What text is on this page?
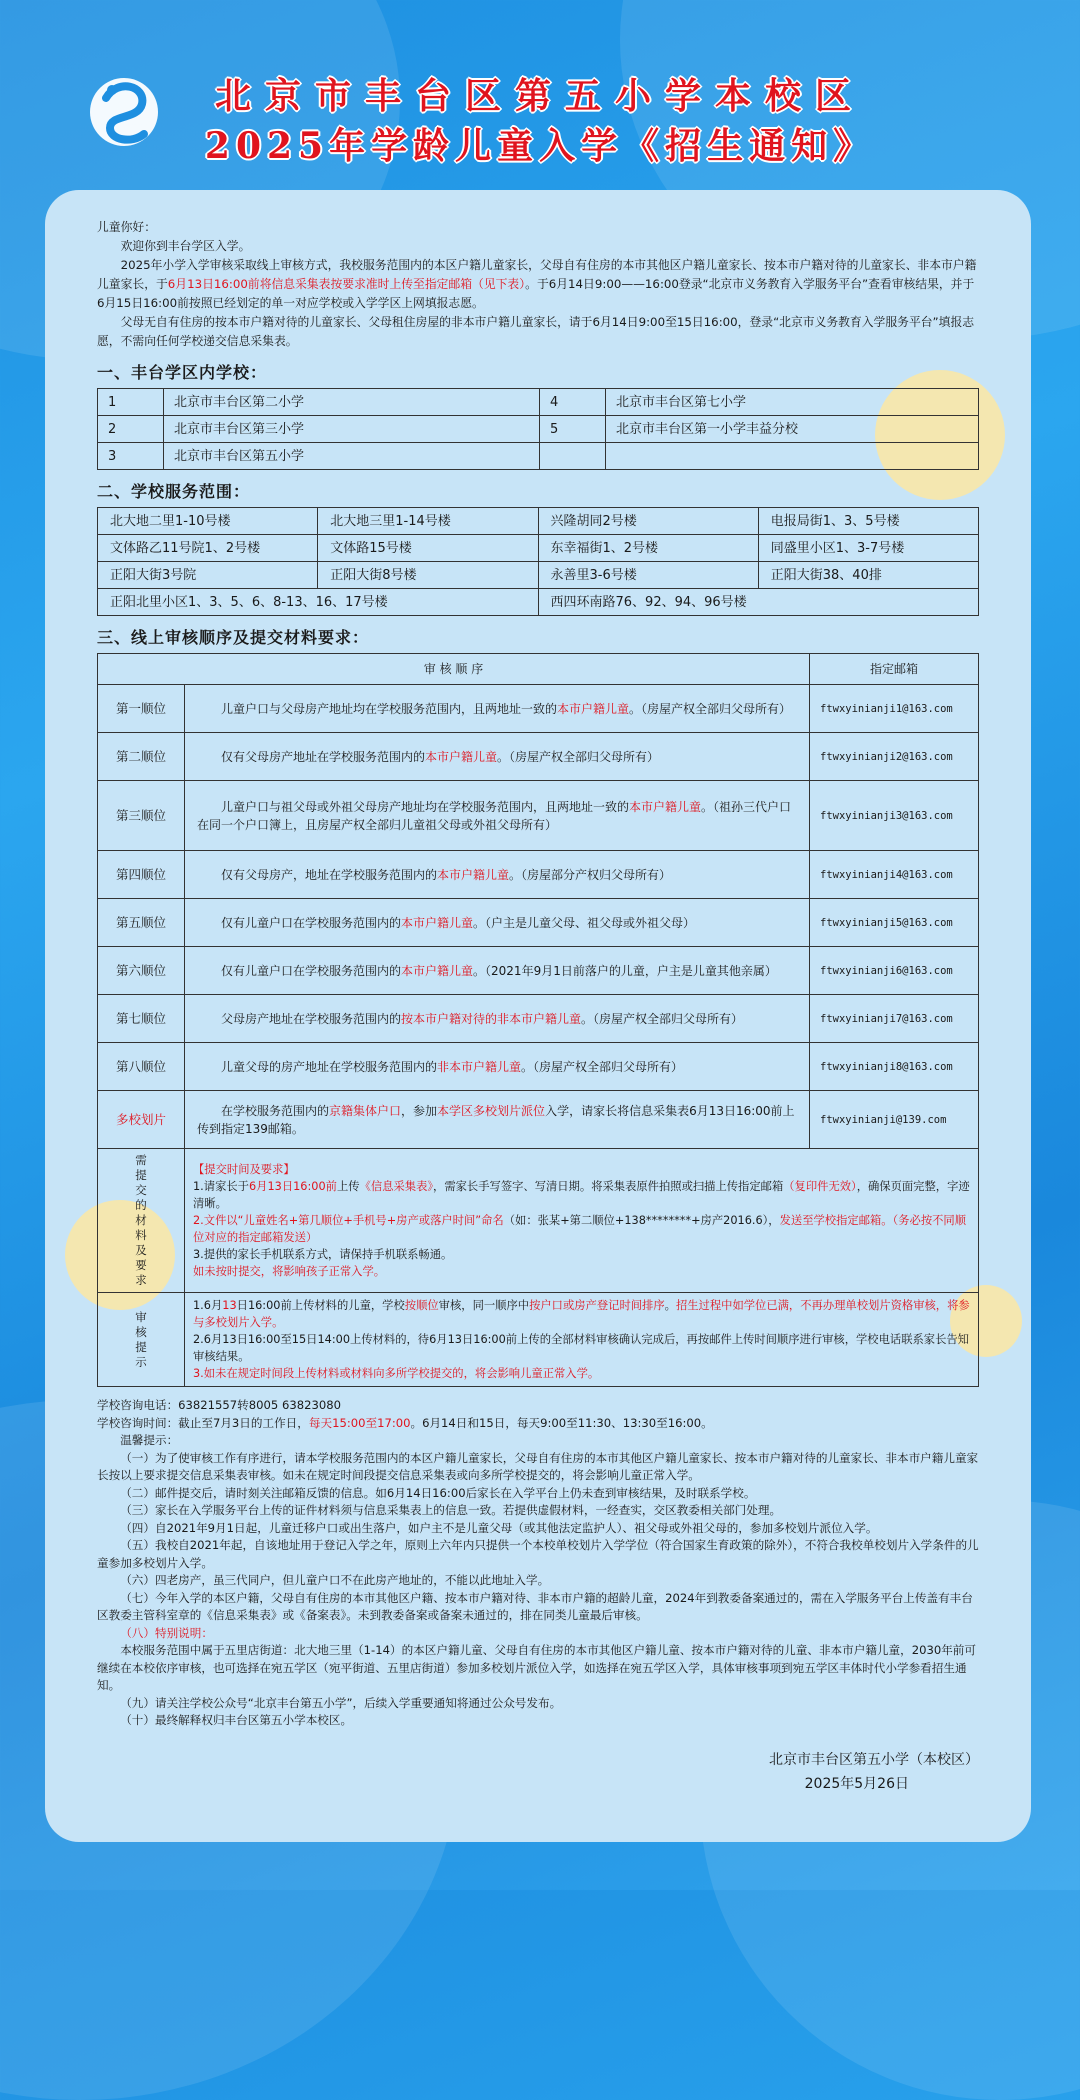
北京市丰台区第五小学本校区
2025年学龄儿童入学《招生通知》

儿童你好：

欢迎你到丰台学区入学。

2025年小学入学审核采取线上审核方式，我校服务范围内的本区户籍儿童家长，父母自有住房的本市其他区户籍儿童家长、按本市户籍对待的儿童家长、非本市户籍儿童家长，于6月13日16:00前将信息采集表按要求准时上传至指定邮箱（见下表）。于6月14日9:00——16:00登录“北京市义务教育入学服务平台”查看审核结果，并于6月15日16:00前按照已经划定的单一对应学校或入学学区上网填报志愿。

父母无自有住房的按本市户籍对待的儿童家长、父母租住房屋的非本市户籍儿童家长，请于6月14日9:00至15日16:00，登录“北京市义务教育入学服务平台”填报志愿，不需向任何学校递交信息采集表。

一、丰台学区内学校：
1	北京市丰台区第二小学	4	北京市丰台区第七小学
2	北京市丰台区第三小学	5	北京市丰台区第一小学丰益分校
3	北京市丰台区第五小学		
二、学校服务范围：
北大地二里1-10号楼	北大地三里1-14号楼	兴隆胡同2号楼	电报局街1、3、5号楼
文体路乙11号院1、2号楼	文体路15号楼	东幸福街1、2号楼	同盛里小区1、3-7号楼
正阳大街3号院	正阳大街8号楼	永善里3-6号楼	正阳大街38、40排
正阳北里小区1、3、5、6、8-13、16、17号楼		西四环南路76、92、94、96号楼	
三、线上审核顺序及提交材料要求：
审 核 顺 序		指定邮箱
第一顺位	儿童户口与父母房产地址均在学校服务范围内，且两地址一致的本市户籍儿童。（房屋产权全部归父母所有）	ftwxyinianji1@163.com
第二顺位	仅有父母房产地址在学校服务范围内的本市户籍儿童。（房屋产权全部归父母所有）	ftwxyinianji2@163.com
第三顺位	儿童户口与祖父母或外祖父母房产地址均在学校服务范围内，且两地址一致的本市户籍儿童。（祖孙三代户口在同一个户口簿上，且房屋产权全部归儿童祖父母或外祖父母所有）	ftwxyinianji3@163.com
第四顺位	仅有父母房产，地址在学校服务范围内的本市户籍儿童。（房屋部分产权归父母所有）	ftwxyinianji4@163.com
第五顺位	仅有儿童户口在学校服务范围内的本市户籍儿童。（户主是儿童父母、祖父母或外祖父母）	ftwxyinianji5@163.com
第六顺位	仅有儿童户口在学校服务范围内的本市户籍儿童。（2021年9月1日前落户的儿童，户主是儿童其他亲属）	ftwxyinianji6@163.com
第七顺位	父母房产地址在学校服务范围内的按本市户籍对待的非本市户籍儿童。（房屋产权全部归父母所有）	ftwxyinianji7@163.com
第八顺位	儿童父母的房产地址在学校服务范围内的非本市户籍儿童。（房屋产权全部归父母所有）	ftwxyinianji8@163.com
多校划片	在学校服务范围内的京籍集体户口，参加本学区多校划片派位入学，请家长将信息采集表6月13日16:00前上传到指定139邮箱。	ftwxyinianji@139.com

需提交的材料及要求	【提交时间及要求】
1.请家长于6月13日16:00前上传《信息采集表》，需家长手写签字、写清日期。将采集表原件拍照或扫描上传指定邮箱（复印件无效），确保页面完整，字迹清晰。
2.文件以“儿童姓名+第几顺位+手机号+房产或落户时间”命名（如：张某+第二顺位+138********+房产2016.6），发送至学校指定邮箱。（务必按不同顺位对应的指定邮箱发送）
3.提供的家长手机联系方式，请保持手机联系畅通。
如未按时提交，将影响孩子正常入学。	

审核提示	1.6月13日16:00前上传材料的儿童，学校按顺位审核，同一顺序中按户口或房产登记时间排序。招生过程中如学位已满，不再办理单校划片资格审核，将参与多校划片入学。
2.6月13日16:00至15日14:00上传材料的，待6月13日16:00前上传的全部材料审核确认完成后，再按邮件上传时间顺序进行审核，学校电话联系家长告知审核结果。
3.如未在规定时间段上传材料或材料向多所学校提交的，将会影响儿童正常入学。	

学校咨询电话：63821557转8005 63823080

学校咨询时间：截止至7月3日的工作日，每天15:00至17:00。6月14日和15日，每天9:00至11:30、13:30至16:00。

温馨提示：

（一）为了使审核工作有序进行，请本学校服务范围内的本区户籍儿童家长，父母自有住房的本市其他区户籍儿童家长、按本市户籍对待的儿童家长、非本市户籍儿童家长按以上要求提交信息采集表审核。如未在规定时间段提交信息采集表或向多所学校提交的，将会影响儿童正常入学。

（二）邮件提交后，请时刻关注邮箱反馈的信息。如6月14日16:00后家长在入学平台上仍未查到审核结果，及时联系学校。

（三）家长在入学服务平台上传的证件材料须与信息采集表上的信息一致。若提供虚假材料，一经查实，交区教委相关部门处理。

（四）自2021年9月1日起，儿童迁移户口或出生落户，如户主不是儿童父母（或其他法定监护人）、祖父母或外祖父母的，参加多校划片派位入学。

（五）我校自2021年起，自该地址用于登记入学之年，原则上六年内只提供一个本校单校划片入学学位（符合国家生育政策的除外），不符合我校单校划片入学条件的儿童参加多校划片入学。

（六）四老房产，虽三代同户，但儿童户口不在此房产地址的，不能以此地址入学。

（七）今年入学的本区户籍，父母自有住房的本市其他区户籍、按本市户籍对待、非本市户籍的超龄儿童，2024年到教委备案通过的，需在入学服务平台上传盖有丰台区教委主管科室章的《信息采集表》或《备案表》。未到教委备案或备案未通过的，排在同类儿童最后审核。

（八）特别说明：

本校服务范围中属于五里店街道：北大地三里（1-14）的本区户籍儿童、父母自有住房的本市其他区户籍儿童、按本市户籍对待的儿童、非本市户籍儿童，2030年前可继续在本校依序审核，也可选择在宛五学区（宛平街道、五里店街道）参加多校划片派位入学，如选择在宛五学区入学，具体审核事项到宛五学区丰体时代小学参看招生通知。

（九）请关注学校公众号“北京丰台第五小学”，后续入学重要通知将通过公众号发布。

（十）最终解释权归丰台区第五小学本校区。

北京市丰台区第五小学（本校区）
2025年5月26日
